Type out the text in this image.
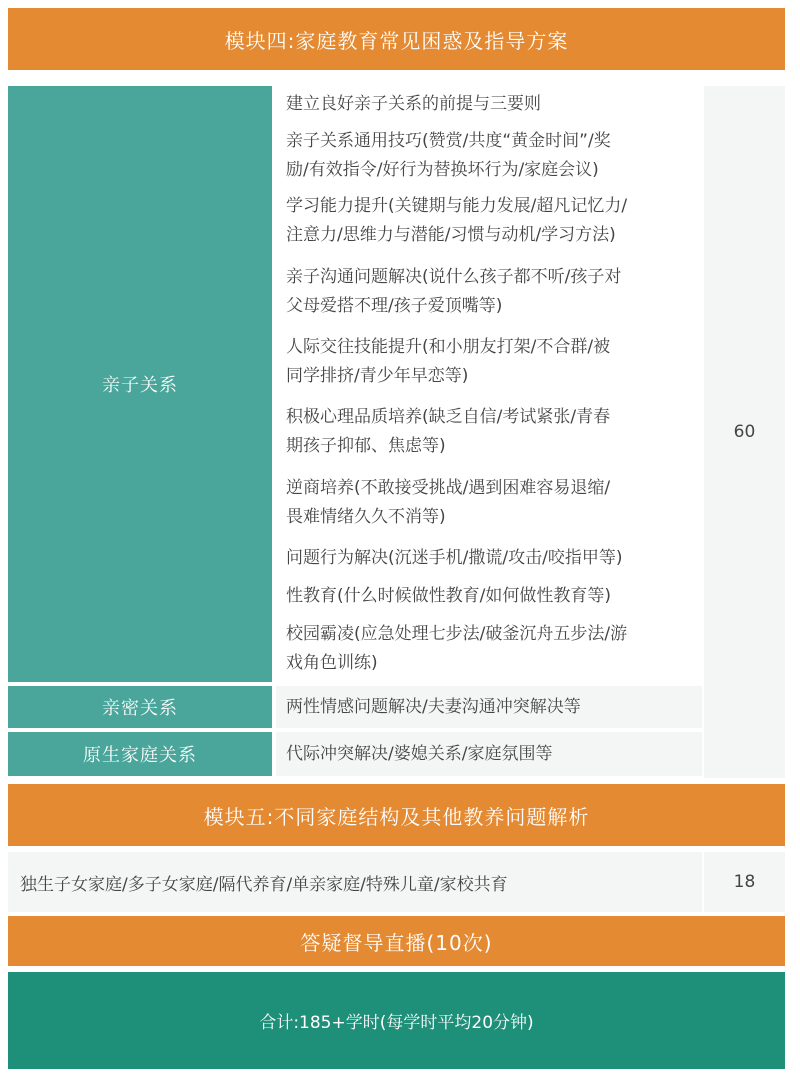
模块四:家庭教育常见困惑及指导方案
亲子关系
亲密关系
原生家庭关系
建立良好亲子关系的前提与三要则
亲子关系通用技巧(赞赏/共度“黄金时间”/奖
励/有效指令/好行为替换坏行为/家庭会议)
学习能力提升(关键期与能力发展/超凡记忆力/
注意力/思维力与潜能/习惯与动机/学习方法)
亲子沟通问题解决(说什么孩子都不听/孩子对
父母爱搭不理/孩子爱顶嘴等)
人际交往技能提升(和小朋友打架/不合群/被
同学排挤/青少年早恋等)
积极心理品质培养(缺乏自信/考试紧张/青春
期孩子抑郁、焦虑等)
逆商培养(不敢接受挑战/遇到困难容易退缩/
畏难情绪久久不消等)
问题行为解决(沉迷手机/撒谎/攻击/咬指甲等)
性教育(什么时候做性教育/如何做性教育等)
校园霸凌(应急处理七步法/破釜沉舟五步法/游
戏角色训练)
两性情感问题解决/夫妻沟通冲突解决等
代际冲突解决/婆媳关系/家庭氛围等
60
模块五:不同家庭结构及其他教养问题解析
独生子女家庭/多子女家庭/隔代养育/单亲家庭/特殊儿童/家校共育	18
答疑督导直播(10次)
合计:185+学时(每学时平均20分钟)
